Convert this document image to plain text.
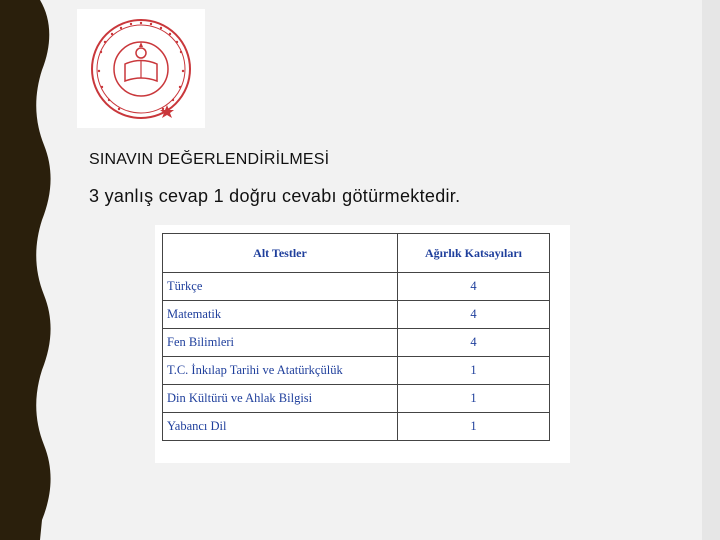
SINAVIN DEĞERLENDİRİLMESİ
3 yanlış cevap 1 doğru cevabı götürmektedir.
Alt Testler	Ağırlık Katsayıları
Türkçe	4
Matematik	4
Fen Bilimleri	4
T.C. İnkılap Tarihi ve Atatürkçülük	1
Din Kültürü ve Ahlak Bilgisi	1
Yabancı Dil	1
